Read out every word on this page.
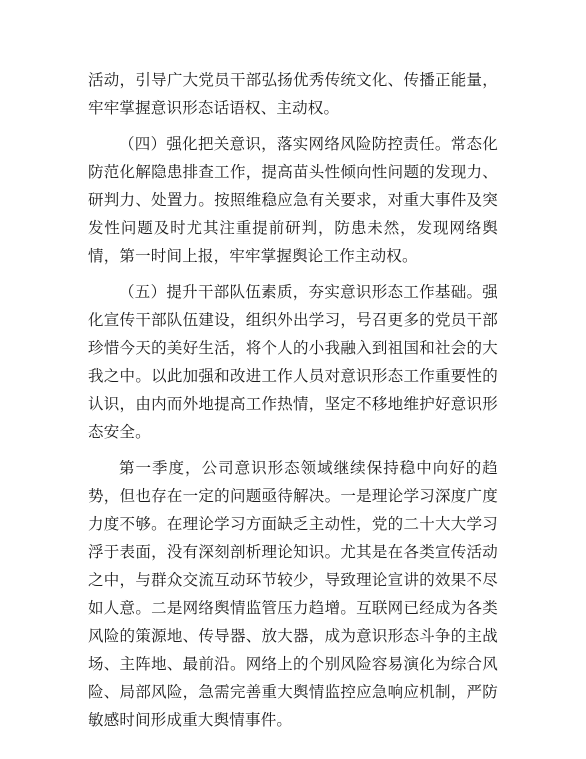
活动，引导广大党员干部弘扬优秀传统文化、传播正能量，牢牢掌握意识形态话语权、主动权。

（四）强化把关意识，落实网络风险防控责任。常态化防范化解隐患排查工作，提高苗头性倾向性问题的发现力、研判力、处置力。按照维稳应急有关要求，对重大事件及突发性问题及时尤其注重提前研判，防患未然，发现网络舆情，第一时间上报，牢牢掌握舆论工作主动权。

（五）提升干部队伍素质，夯实意识形态工作基础。强化宣传干部队伍建设，组织外出学习，号召更多的党员干部珍惜今天的美好生活，将个人的小我融入到祖国和社会的大我之中。以此加强和改进工作人员对意识形态工作重要性的认识，由内而外地提高工作热情，坚定不移地维护好意识形态安全。

第一季度，公司意识形态领域继续保持稳中向好的趋势，但也存在一定的问题亟待解决。一是理论学习深度广度力度不够。在理论学习方面缺乏主动性，党的二十大大学习浮于表面，没有深刻剖析理论知识。尤其是在各类宣传活动之中，与群众交流互动环节较少，导致理论宣讲的效果不尽如人意。二是网络舆情监管压力趋增。互联网已经成为各类风险的策源地、传导器、放大器，成为意识形态斗争的主战场、主阵地、最前沿。网络上的个别风险容易演化为综合风险、局部风险，急需完善重大舆情监控应急响应机制，严防敏感时间形成重大舆情事件。
